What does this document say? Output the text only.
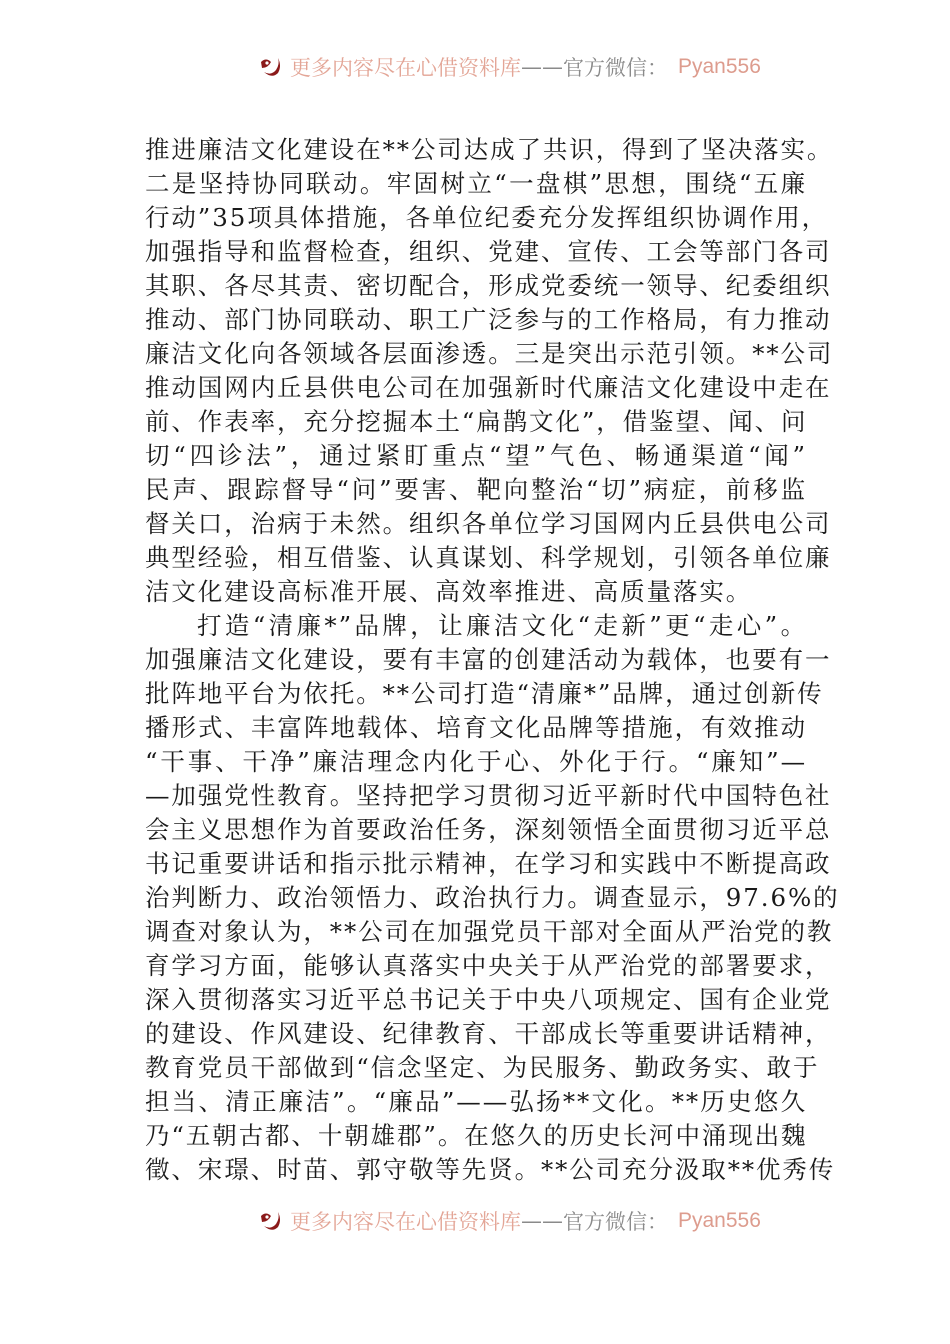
更多内容尽在心借资料库 —— 官方微信： Pyan556
推进廉洁文化建设在**公司达成了共识，得到了坚决落实。
二是坚持协同联动。牢固树立“一盘棋”思想，围绕“五廉
行动”35项具体措施，各单位纪委充分发挥组织协调作用，
加强指导和监督检查，组织、党建、宣传、工会等部门各司
其职、各尽其责、密切配合，形成党委统一领导、纪委组织
推动、部门协同联动、职工广泛参与的工作格局，有力推动
廉洁文化向各领域各层面渗透。三是突出示范引领。**公司
推动国网内丘县供电公司在加强新时代廉洁文化建设中走在
前、作表率，充分挖掘本土“扁鹊文化”，借鉴望、闻、问
切“四诊法”，通过紧盯重点“望”气色、畅通渠道“闻”
民声、跟踪督导“问”要害、靶向整治“切”病症，前移监
督关口，治病于未然。组织各单位学习国网内丘县供电公司
典型经验，相互借鉴、认真谋划、科学规划，引领各单位廉
洁文化建设高标准开展、高效率推进、高质量落实。
打造“清廉*”品牌，让廉洁文化“走新”更“走心”。
加强廉洁文化建设，要有丰富的创建活动为载体，也要有一
批阵地平台为依托。**公司打造“清廉*”品牌，通过创新传
播形式、丰富阵地载体、培育文化品牌等措施，有效推动
“干事、干净”廉洁理念内化于心、外化于行。“廉知”—
—加强党性教育。坚持把学习贯彻习近平新时代中国特色社
会主义思想作为首要政治任务，深刻领悟全面贯彻习近平总
书记重要讲话和指示批示精神，在学习和实践中不断提高政
治判断力、政治领悟力、政治执行力。调查显示，97.6%的
调查对象认为，**公司在加强党员干部对全面从严治党的教
育学习方面，能够认真落实中央关于从严治党的部署要求，
深入贯彻落实习近平总书记关于中央八项规定、国有企业党
的建设、作风建设、纪律教育、干部成长等重要讲话精神，
教育党员干部做到“信念坚定、为民服务、勤政务实、敢于
担当、清正廉洁”。“廉品”——弘扬**文化。**历史悠久
乃“五朝古都、十朝雄郡”。在悠久的历史长河中涌现出魏
徵、宋璟、时苗、郭守敬等先贤。**公司充分汲取**优秀传
更多内容尽在心借资料库 —— 官方微信： Pyan556
